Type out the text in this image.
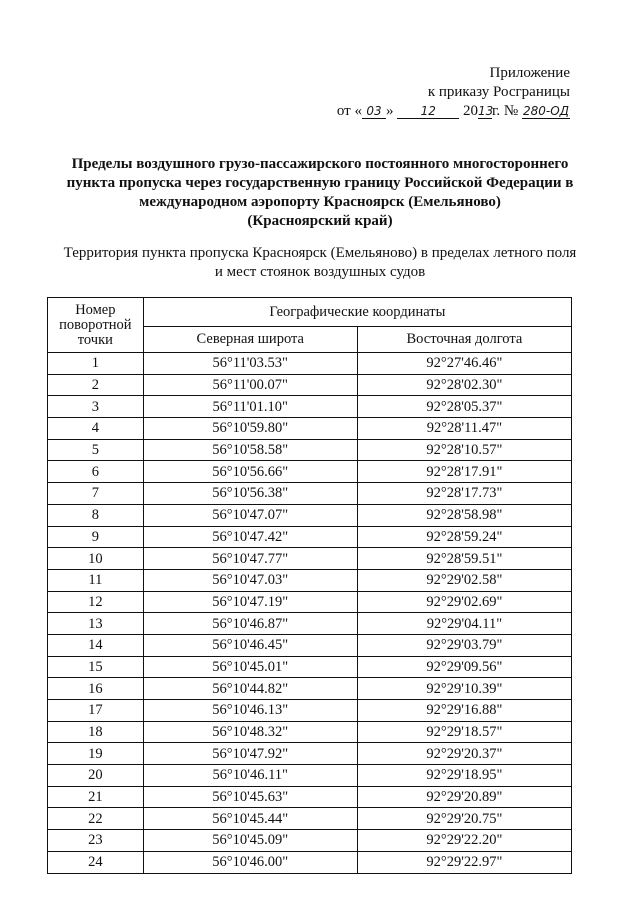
Приложение
к приказу Росграницы
от « 03 » 12 2013г. № 280-ОД
Пределы воздушного грузо-пассажирского постоянного многостороннего
пункта пропуска через государственную границу Российской Федерации в
международном аэропорту Красноярск (Емельяново)
(Красноярский край)
Территория пункта пропуска Красноярск (Емельяново) в пределах летного поля
и мест стоянок воздушных судов
Номер поворотной точки	Географические координаты	
	Северная широта	Восточная долгота
1	56°11'03.53"	92°27'46.46"
2	56°11'00.07"	92°28'02.30"
3	56°11'01.10"	92°28'05.37"
4	56°10'59.80"	92°28'11.47"
5	56°10'58.58"	92°28'10.57"
6	56°10'56.66"	92°28'17.91"
7	56°10'56.38"	92°28'17.73"
8	56°10'47.07"	92°28'58.98"
9	56°10'47.42"	92°28'59.24"
10	56°10'47.77"	92°28'59.51"
11	56°10'47.03"	92°29'02.58"
12	56°10'47.19"	92°29'02.69"
13	56°10'46.87"	92°29'04.11"
14	56°10'46.45"	92°29'03.79"
15	56°10'45.01"	92°29'09.56"
16	56°10'44.82"	92°29'10.39"
17	56°10'46.13"	92°29'16.88"
18	56°10'48.32"	92°29'18.57"
19	56°10'47.92"	92°29'20.37"
20	56°10'46.11"	92°29'18.95"
21	56°10'45.63"	92°29'20.89"
22	56°10'45.44"	92°29'20.75"
23	56°10'45.09"	92°29'22.20"
24	56°10'46.00"	92°29'22.97"
